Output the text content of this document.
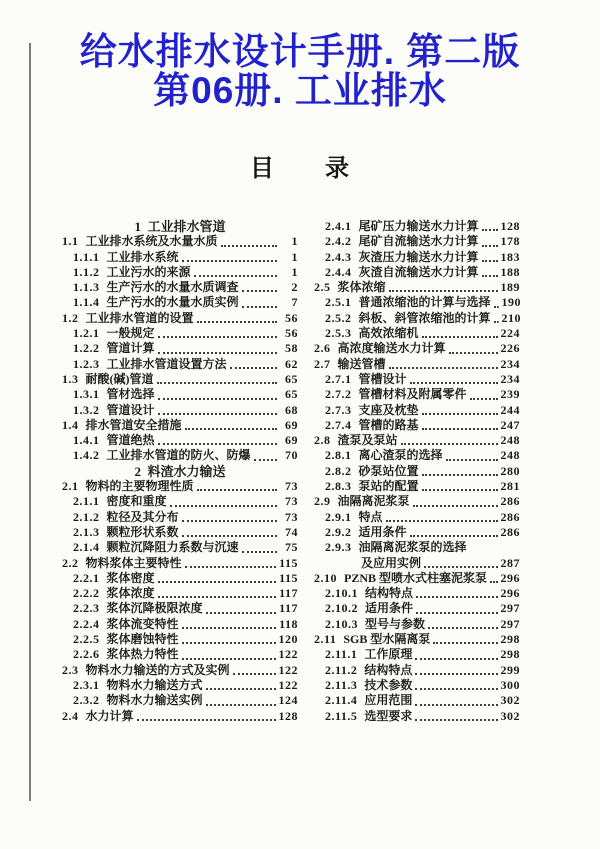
给水排水设计手册. 第二版
第06册. 工业排水
目　　录
1  工业排水管道
1.1 工业排水系统及水量水质	1
1.1.1 工业排水系统	1
1.1.2 工业污水的来源	1
1.1.3 生产污水的水量水质调查	2
1.1.4 生产污水的水量水质实例	7
1.2 工业排水管道的设置	56
1.2.1 一般规定	56
1.2.2 管道计算	58
1.2.3 工业排水管道设置方法	62
1.3 耐酸(碱)管道	65
1.3.1 管材选择	65
1.3.2 管道设计	68
1.4 排水管道安全措施	69
1.4.1 管道绝热	69
1.4.2 工业排水管道的防火、防爆	70
2  料渣水力输送
2.1 物料的主要物理性质	73
2.1.1 密度和重度	73
2.1.2 粒径及其分布	73
2.1.3 颗粒形状系数	74
2.1.4 颗粒沉降阻力系数与沉速	75
2.2 物料浆体主要特性	115
2.2.1 浆体密度	115
2.2.2 浆体浓度	117
2.2.3 浆体沉降极限浓度	117
2.2.4 浆体流变特性	118
2.2.5 浆体磨蚀特性	120
2.2.6 浆体热力特性	122
2.3 物料水力输送的方式及实例	122
2.3.1 物料水力输送方式	122
2.3.2 物料水力输送实例	124
2.4 水力计算	128
2.4.1 尾矿压力输送水力计算 128
2.4.2 尾矿自流输送水力计算 178
2.4.3 灰渣压力输送水力计算 183
2.4.4 灰渣自流输送水力计算 188
2.5 浆体浓缩	189
2.5.1 普通浓缩池的计算与选择 190
2.5.2 斜板、斜管浓缩池的计算 210
2.5.3 高效浓缩机	224
2.6 高浓度输送水力计算	226
2.7 输送管槽	234
2.7.1 管槽设计	234
2.7.2 管槽材料及附属零件	239
2.7.3 支座及枕垫	244
2.7.4 管槽的路基	247
2.8 渣泵及泵站	248
2.8.1 离心渣泵的选择	248
2.8.2 砂泵站位置	280
2.8.3 泵站的配置	281
2.9 油隔离泥浆泵	286
2.9.1 特点	286
2.9.2 适用条件	286
2.9.3 油隔离泥浆泵的选择
及应用实例	287
2.10 PZNB 型喷水式柱塞泥浆泵 296
2.10.1 结构特点	296
2.10.2 适用条件	297
2.10.3 型号与参数	297
2.11 SGB 型水隔离泵	298
2.11.1 工作原理	298
2.11.2 结构特点	299
2.11.3 技术参数	300
2.11.4 应用范围	302
2.11.5 选型要求	302
